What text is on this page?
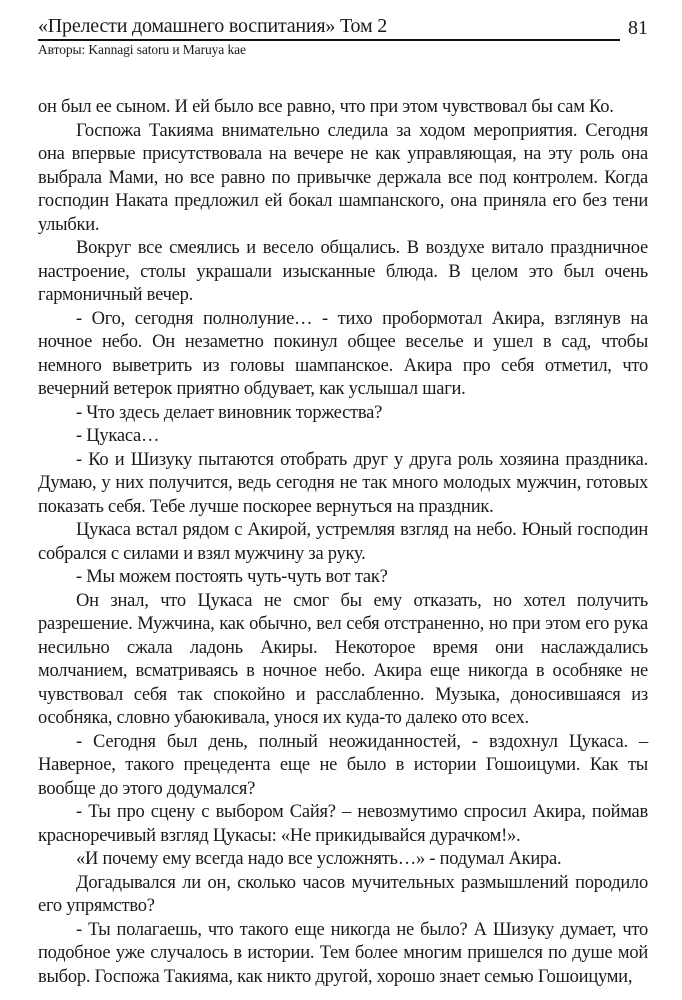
«Прелести домашнего воспитания» Том 2	81
Авторы: Kannagi satoru и Maruya kae

он был ее сыном. И ей было все равно, что при этом чувствовал бы сам Ко.

Госпожа Такияма внимательно следила за ходом мероприятия. Сегодня она впервые присутствовала на вечере не как управляющая, на эту роль она выбрала Мами, но все равно по привычке держала все под контролем. Когда господин Наката предложил ей бокал шампанского, она приняла его без тени улыбки.

Вокруг все смеялись и весело общались. В воздухе витало праздничное настроение, столы украшали изысканные блюда. В целом это был очень гармоничный вечер.

- Ого, сегодня полнолуние… - тихо пробормотал Акира, взглянув на ночное небо. Он незаметно покинул общее веселье и ушел в сад, чтобы немного выветрить из головы шампанское. Акира про себя отметил, что вечерний ветерок приятно обдувает, как услышал шаги.

- Что здесь делает виновник торжества?

- Цукаса…

- Ко и Шизуку пытаются отобрать друг у друга роль хозяина праздника. Думаю, у них получится, ведь сегодня не так много молодых мужчин, готовых показать себя. Тебе лучше поскорее вернуться на праздник.

Цукаса встал рядом с Акирой, устремляя взгляд на небо. Юный господин собрался с силами и взял мужчину за руку.

- Мы можем постоять чуть-чуть вот так?

Он знал, что Цукаса не смог бы ему отказать, но хотел получить разрешение. Мужчина, как обычно, вел себя отстраненно, но при этом его рука несильно сжала ладонь Акиры. Некоторое время они наслаждались молчанием, всматриваясь в ночное небо. Акира еще никогда в особняке не чувствовал себя так спокойно и расслабленно. Музыка, доносившаяся из особняка, словно убаюкивала, унося их куда-то далеко ото всех.

- Сегодня был день, полный неожиданностей, - вздохнул Цукаса. – Наверное, такого прецедента еще не было в истории Гошоицуми. Как ты вообще до этого додумался?

- Ты про сцену с выбором Сайя? – невозмутимо спросил Акира, поймав красноречивый взгляд Цукасы: «Не прикидывайся дурачком!».

«И почему ему всегда надо все усложнять…» - подумал Акира.

Догадывался ли он, сколько часов мучительных размышлений породило его упрямство?

- Ты полагаешь, что такого еще никогда не было? А Шизуку думает, что подобное уже случалось в истории. Тем более многим пришелся по душе мой выбор. Госпожа Такияма, как никто другой, хорошо знает семью Гошоицуми,
